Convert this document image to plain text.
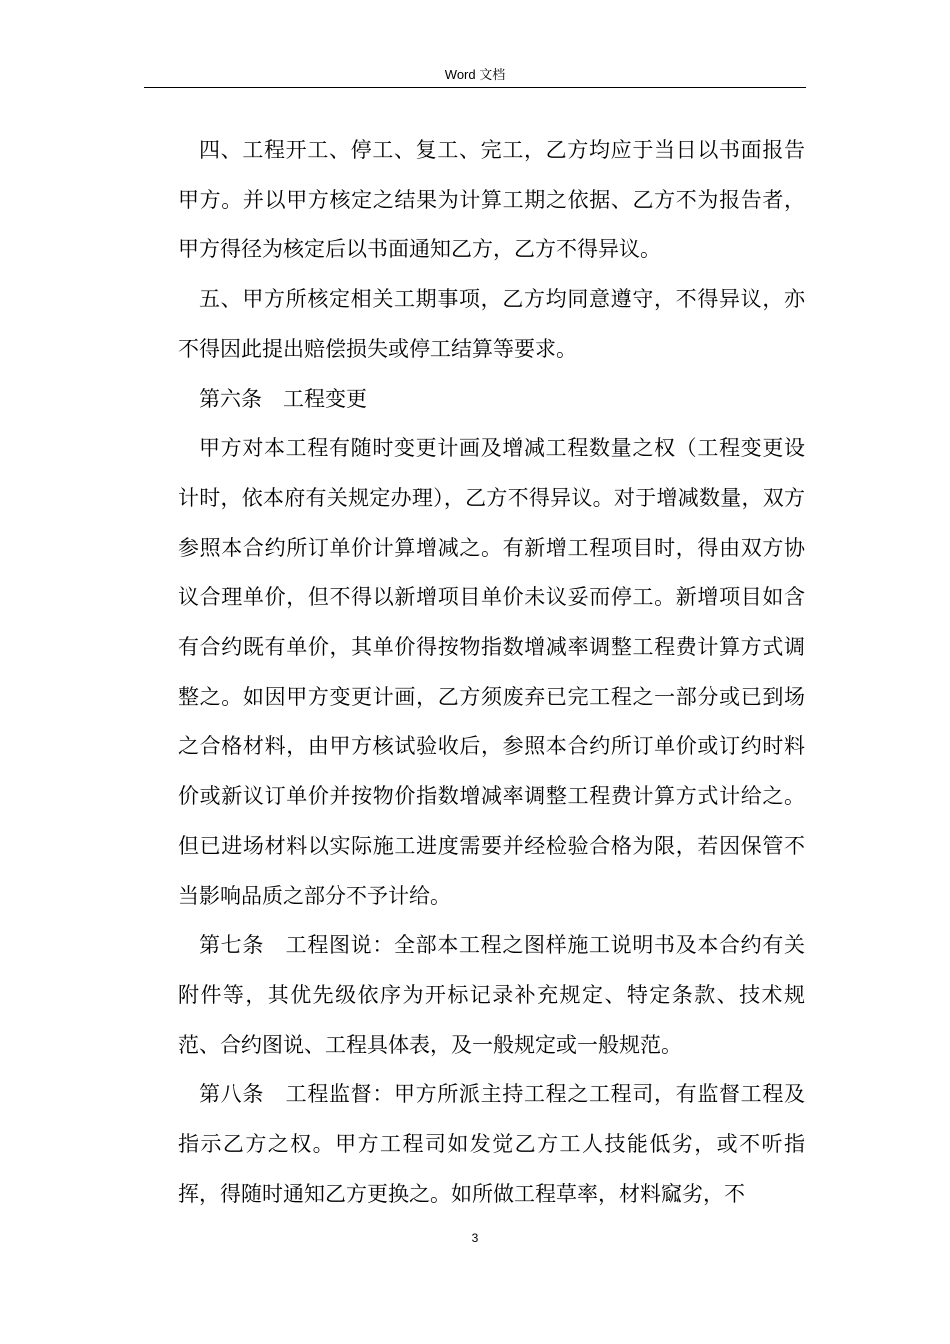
Word 文档

四、工程开工、停工、复工、完工，乙方均应于当日以书面报告甲方。并以甲方核定之结果为计算工期之依据、乙方不为报告者，甲方得径为核定后以书面通知乙方，乙方不得异议。

五、甲方所核定相关工期事项，乙方均同意遵守，不得异议，亦不得因此提出赔偿损失或停工结算等要求。

第六条　工程变更

甲方对本工程有随时变更计画及增减工程数量之权（工程变更设计时，依本府有关规定办理），乙方不得异议。对于增减数量，双方参照本合约所订单价计算增减之。有新增工程项目时，得由双方协议合理单价，但不得以新增项目单价未议妥而停工。新增项目如含有合约既有单价，其单价得按物指数增减率调整工程费计算方式调整之。如因甲方变更计画，乙方须废弃已完工程之一部分或已到场之合格材料，由甲方核试验收后，参照本合约所订单价或订约时料价或新议订单价并按物价指数增减率调整工程费计算方式计给之。但已进场材料以实际施工进度需要并经检验合格为限，若因保管不当影响品质之部分不予计给。

第七条　工程图说：全部本工程之图样施工说明书及本合约有关附件等，其优先级依序为开标记录补充规定、特定条款、技术规范、合约图说、工程具体表，及一般规定或一般规范。

第八条　工程监督：甲方所派主持工程之工程司，有监督工程及指示乙方之权。甲方工程司如发觉乙方工人技能低劣，或不听指挥，得随时通知乙方更换之。如所做工程草率，材料窳劣，不

3
